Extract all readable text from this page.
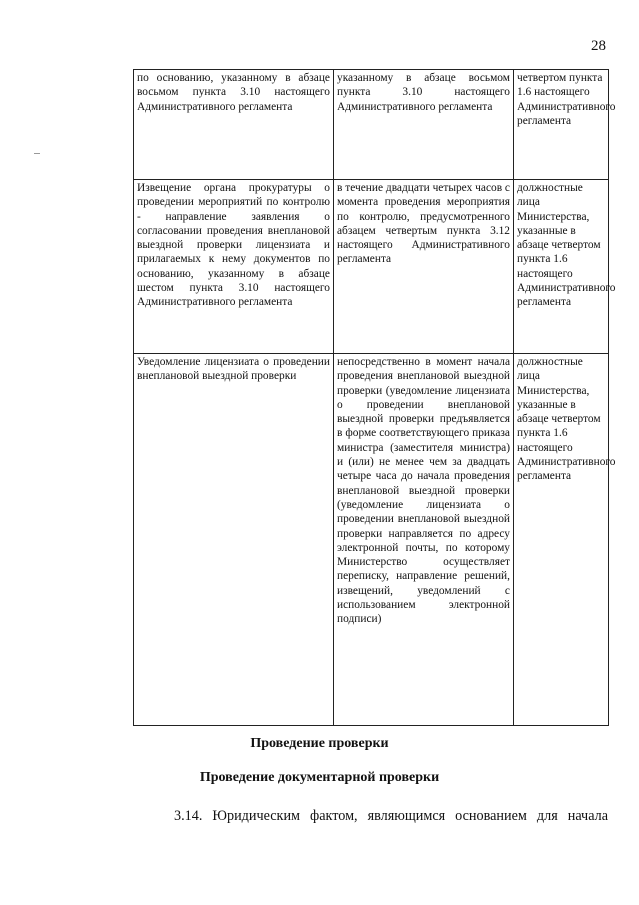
28
по основанию, указанному в абзаце восьмом пункта 3.10 настоящего Административного регламента	указанному в абзаце восьмом пункта 3.10 настоящего Административного регламента	четвертом пункта 1.6 настоящего Административного регламента
Извещение органа прокуратуры о проведении мероприятий по контролю - направление заявления о согласовании проведения внеплановой выездной проверки лицензиата и прилагаемых к нему документов по основанию, указанному в абзаце шестом пункта 3.10 настоящего Административного регламента	в течение двадцати четырех часов с момента проведения мероприятия по контролю, предусмотренного абзацем четвертым пункта 3.12 настоящего Административного регламента	должностные лица Министерства, указанные в абзаце четвертом пункта 1.6 настоящего Административного регламента
Уведомление лицензиата о проведении внеплановой выездной проверки	непосредственно в момент начала проведения внеплановой выездной проверки (уведомление лицензиата о проведении внеплановой выездной проверки предъявляется в форме соответствующего приказа министра (заместителя министра) и (или) не менее чем за двадцать четыре часа до начала проведения внеплановой выездной проверки (уведомление лицензиата о проведении внеплановой выездной проверки направляется по адресу электронной почты, по которому Министерство осуществляет переписку, направление решений, извещений, уведомлений с использованием электронной подписи)	должностные лица Министерства, указанные в абзаце четвертом пункта 1.6 настоящего Административного регламента
Проведение проверки
Проведение документарной проверки
3.14. Юридическим фактом, являющимся основанием для начала
